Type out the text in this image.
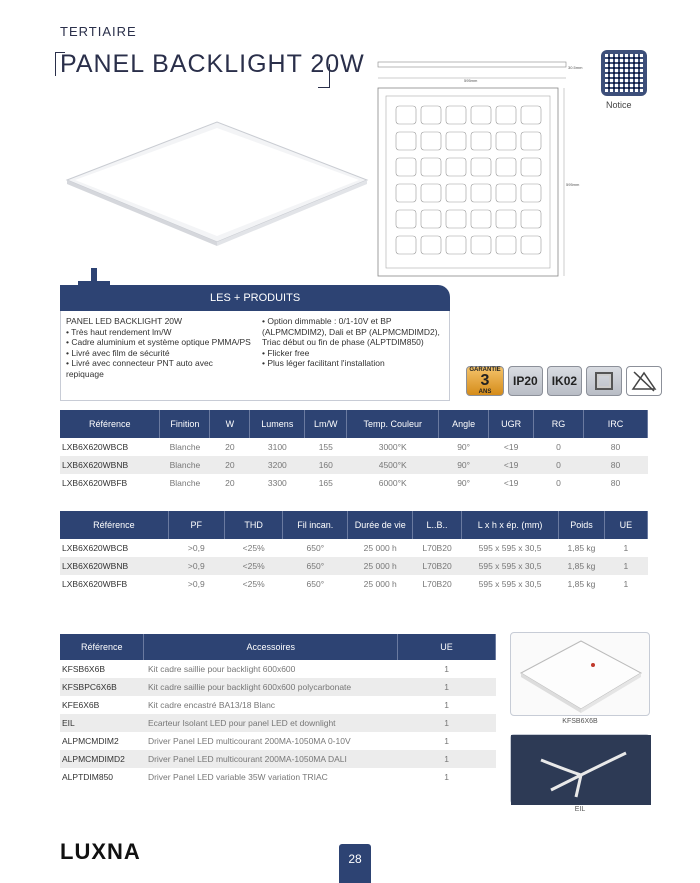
TERTIAIRE
PANEL BACKLIGHT 20W
595mm
30.5mm
595mm
Notice
LES + PRODUITS
PANEL LED BACKLIGHT 20W
• Très haut rendement lm/W
• Cadre aluminium et système optique PMMA/PS
• Livré avec film de sécurité
• Livré avec connecteur PNT auto avec repiquage
• Option dimmable : 0/1-10V et BP (ALPMCMDIM2), Dali et BP (ALPMCMDIMD2), Triac début ou fin de phase (ALPTDIM850)
• Flicker free
• Plus léger facilitant l'installation
GARANTIE
3
ANS
IP20	IK02
Référence	Finition	W	Lumens	Lm/W	Temp. Couleur	Angle	UGR	RG	IRC
LXB6X620WBCB	Blanche	20	3100	155	3000°K	90°	<19	0	80
LXB6X620WBNB	Blanche	20	3200	160	4500°K	90°	<19	0	80
LXB6X620WBFB	Blanche	20	3300	165	6000°K	90°	<19	0	80
Référence	PF	THD	Fil incan.	Durée de vie	L..B..	L x h x ép. (mm)	Poids	UE
LXB6X620WBCB	>0,9	<25%	650°	25 000 h	L70B20	595 x 595 x 30,5	1,85 kg	1
LXB6X620WBNB	>0,9	<25%	650°	25 000 h	L70B20	595 x 595 x 30,5	1,85 kg	1
LXB6X620WBFB	>0,9	<25%	650°	25 000 h	L70B20	595 x 595 x 30,5	1,85 kg	1
Référence	Accessoires	UE
KFSB6X6B	Kit cadre saillie pour backlight 600x600	1
KFSBPC6X6B	Kit cadre saillie pour backlight 600x600 polycarbonate	1
KFE6X6B	Kit cadre encastré BA13/18 Blanc	1
EIL	Ecarteur Isolant LED pour panel LED et downlight	1
ALPMCMDIM2	Driver Panel LED multicourant 200MA-1050MA 0-10V	1
ALPMCMDIMD2	Driver Panel LED multicourant 200MA-1050MA DALI	1
ALPTDIM850	Driver Panel LED variable 35W variation TRIAC	1
KFSB6X6B
EIL
LUXNA	28
